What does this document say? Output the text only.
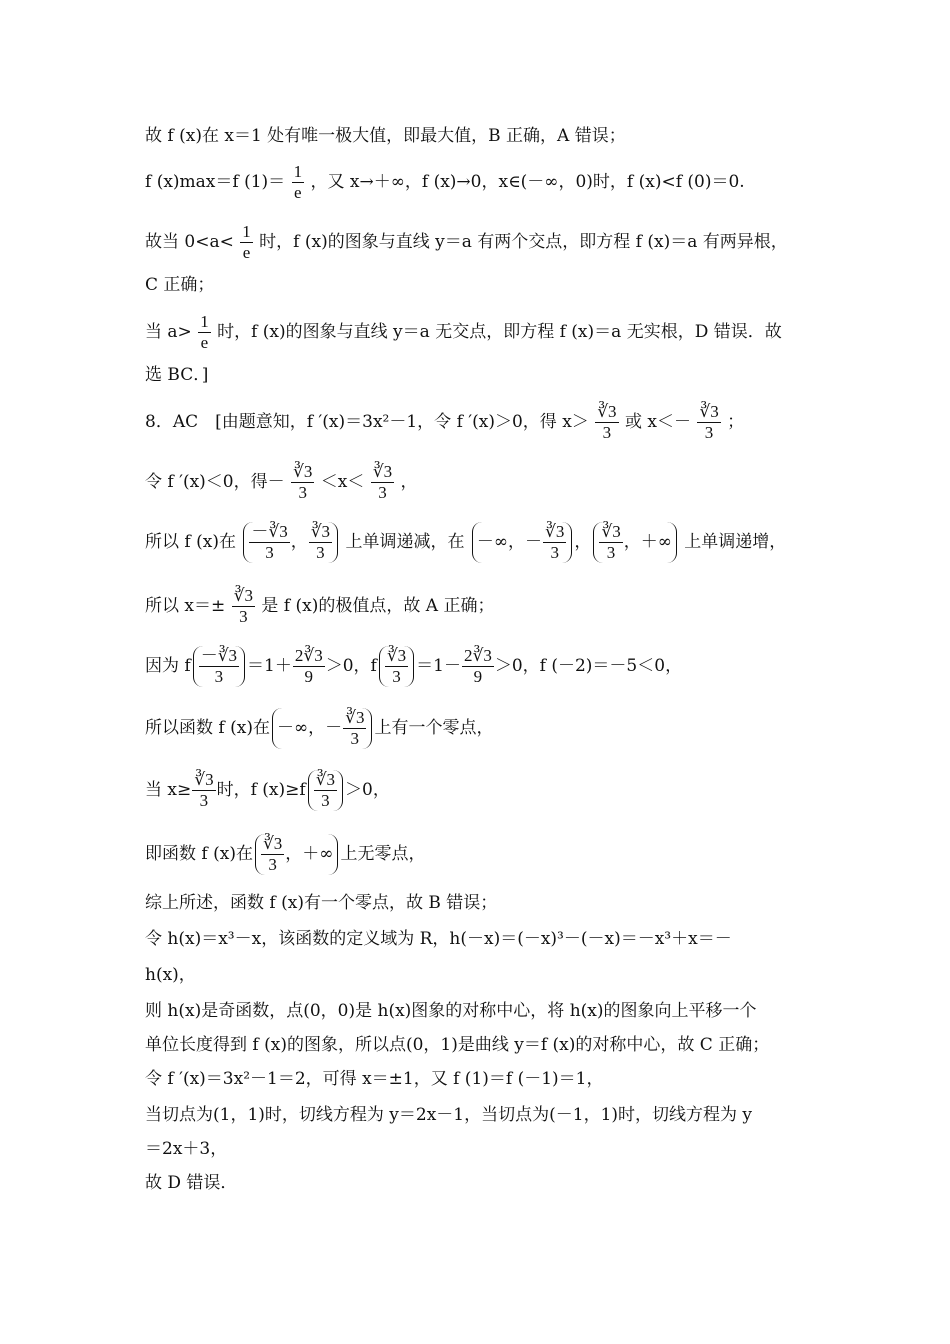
故 f (x)在 x＝1 处有唯一极大值，即最大值，B 正确，A 错误；
f (x)max＝f $(1)= \frac{1}{e}$ ，又 x→＋∞，f (x)→0，x∈(－∞，0)时，f (x)<f (0)＝0.
故当 $0<a< \frac{1}{e}$ 时，f (x)的图象与直线 y＝a 有两个交点，即方程 f (x)＝a 有两异根，
C 正确；
当 $a> \frac{1}{e}$ 时，f (x)的图象与直线 y＝a 无交点，即方程 f (x)＝a 无实根，D 错误．故
选 BC．]
8．AC　[由题意知，f ′(x)＝3x²－1，令 f ′(x)＞0，得 $x> \frac{∛3}{3}$ 或 $x<- \frac{∛3}{3}$ ；
令 f ′(x)＜0，得－ $\frac{∛3}{3} <x< \frac{∛3}{3}$ ，
所以 f (x)在 $\frac{-∛3}{3}$ ， $\frac{∛3}{3}$ 上单调递减，在 －∞，－ $\frac{∛3}{3}$ ， $\frac{∛3}{3}$ ，＋∞ 上单调递增，
所以 $x=\pm \frac{∛3}{3}$ 是 f (x)的极值点，故 A 正确；
因为 f $\frac{-∛3}{3} =1+ \frac{2∛3}{9} >0$，f $\frac{∛3}{3} =1- \frac{2∛3}{9} >0$，f (－2)＝－5＜0，
所以函数 f (x)在 －∞，－ $\frac{∛3}{3}$ 上有一个零点，
当 $x\ge \frac{∛3}{3}$ 时，f $(x)\ge f \frac{∛3}{3} >0$，
即函数 f (x)在 $\frac{∛3}{3}$ ，＋∞ 上无零点，
综上所述，函数 f (x)有一个零点，故 B 错误；
令 h(x)＝x³－x，该函数的定义域为 R，h(－x)＝(－x)³－(－x)＝－x³＋x＝－
h(x)，
则 h(x)是奇函数，点(0，0)是 h(x)图象的对称中心，将 h(x)的图象向上平移一个
单位长度得到 f (x)的图象，所以点(0，1)是曲线 y＝f (x)的对称中心，故 C 正确；
令 f ′(x)＝3x²－1＝2，可得 x＝±1，又 f (1)＝f (－1)＝1，
当切点为(1，1)时，切线方程为 y＝2x－1，当切点为(－1，1)时，切线方程为 y
＝2x＋3，
故 D 错误．
